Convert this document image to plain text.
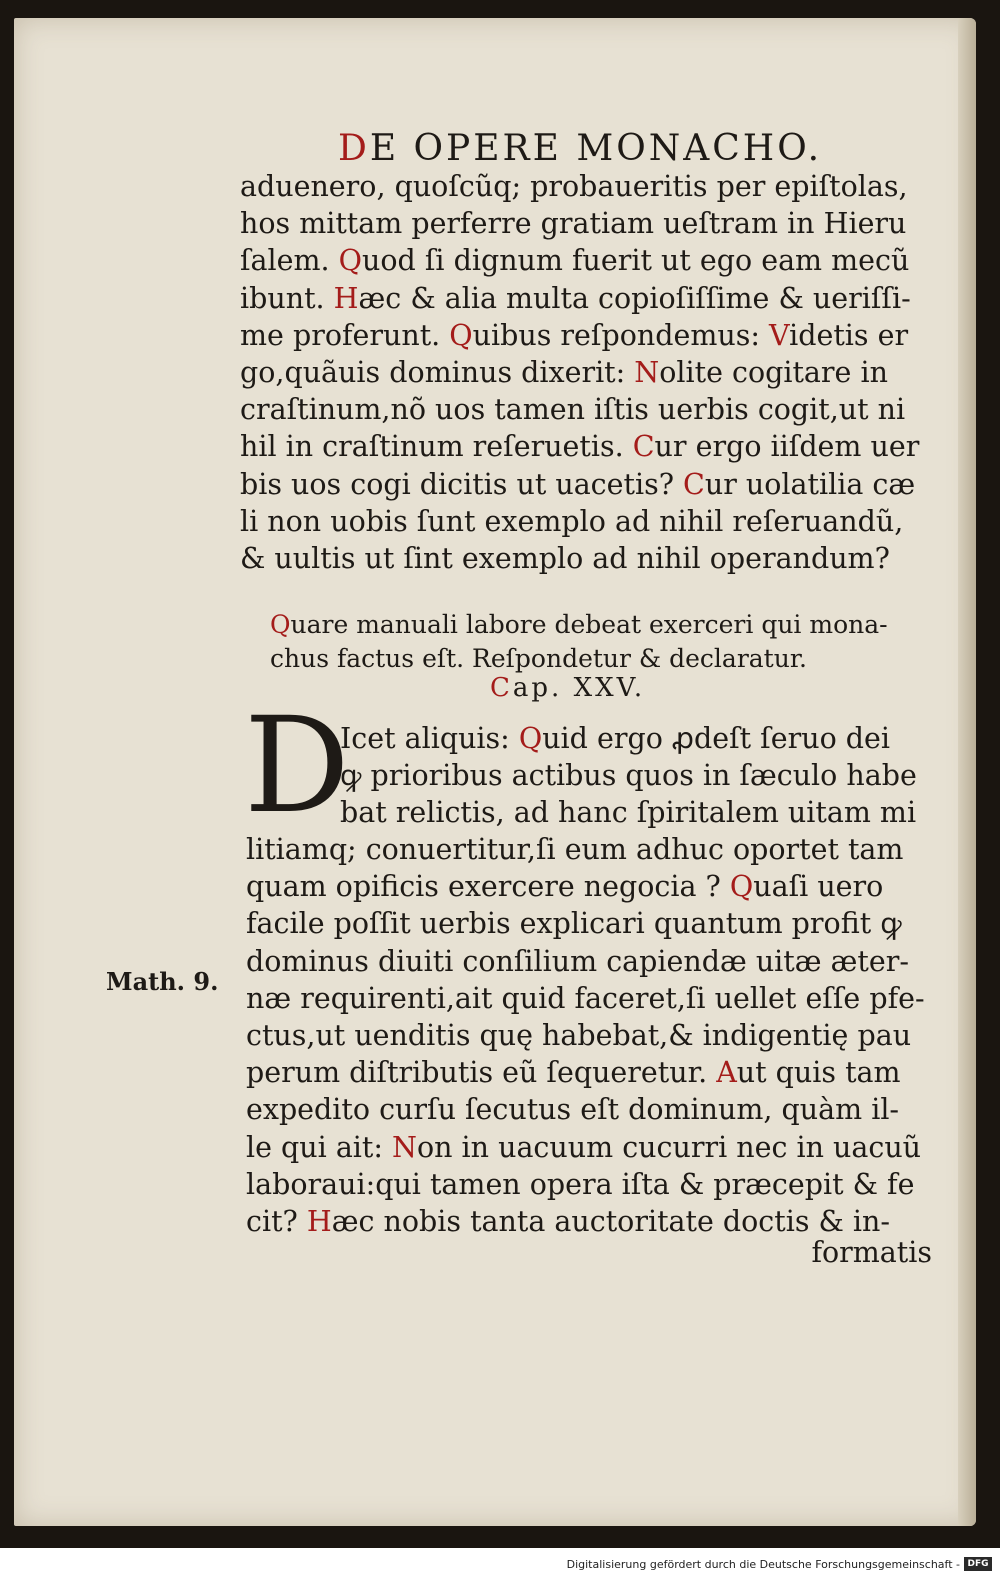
DE OPERE MONACHO.
aduenero, quoſcũq; probaueritis per epiſtolas,
hos mittam perferre gratiam ueſtram in Hieru
ſalem. Quod ſi dignum fuerit ut ego eam mecũ
ibunt. Hæc & alia multa copioſiſſime & ueriſſi-
me proferunt. Quibus reſpondemus: Videtis er
go,quãuis dominus dixerit: Nolite cogitare in
craſtinum,nõ uos tamen iſtis uerbis cogit,ut ni
hil in craſtinum reſeruetis. Cur ergo iiſdem uer
bis uos cogi dicitis ut uacetis? Cur uolatilia cæ
li non uobis ſunt exemplo ad nihil reſeruandũ,
& uultis ut ſint exemplo ad nihil operandum?
Quare manuali labore debeat exerceri qui mona-
chus factus eſt. Reſpondetur & declaratur.
Cap. XXV.
D
Icet aliquis: Quid ergo ꝓdeſt ſeruo dei
ꝙ prioribus actibus quos in ſæculo habe
bat relictis, ad hanc ſpiritalem uitam mi
litiamq; conuertitur,ſi eum adhuc oportet tam
quam opificis exercere negocia ? Quaſi uero
facile poſſit uerbis explicari quantum profit ꝙ
dominus diuiti conſilium capiendæ uitæ æter-
næ requirenti,ait quid faceret,ſi uellet eſſe pfe-
ctus,ut uenditis quę habebat,& indigentię pau
perum diſtributis eũ ſequeretur. Aut quis tam
expedito curſu ſecutus eſt dominum, quàm il-
le qui ait: Non in uacuum cucurri nec in uacuũ
laboraui:qui tamen opera iſta & præcepit & fe
cit? Hæc nobis tanta auctoritate doctis & in-
formatis
Math. 9.
Digitalisierung gefördert durch die Deutsche Forschungsgemeinschaft - DFG
